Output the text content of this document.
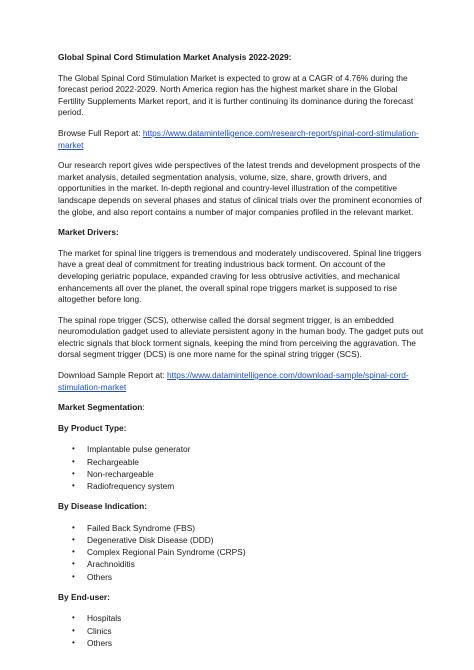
Global Spinal Cord Stimulation Market Analysis 2022-2029:

The Global Spinal Cord Stimulation Market is expected to grow at a CAGR of 4.76% during the forecast period 2022-2029. North America region has the highest market share in the Global Fertility Supplements Market report, and it is further continuing its dominance during the forecast period.

Browse Full Report at: https://www.datamintelligence.com/research-report/spinal-cord-stimulation-market

Our research report gives wide perspectives of the latest trends and development prospects of the market analysis, detailed segmentation analysis, volume, size, share, growth drivers, and opportunities in the market. In-depth regional and country-level illustration of the competitive landscape depends on several phases and status of clinical trials over the prominent economies of the globe, and also report contains a number of major companies profiled in the relevant market.

Market Drivers:

The market for spinal line triggers is tremendous and moderately undiscovered. Spinal line triggers have a great deal of commitment for treating industrious back torment. On account of the developing geriatric populace, expanded craving for less obtrusive activities, and mechanical enhancements all over the planet, the overall spinal rope triggers market is supposed to rise altogether before long.

The spinal rope trigger (SCS), otherwise called the dorsal segment trigger, is an embedded neuromodulation gadget used to alleviate persistent agony in the human body. The gadget puts out electric signals that block torment signals, keeping the mind from perceiving the aggravation. The dorsal segment trigger (DCS) is one more name for the spinal string trigger (SCS).

Download Sample Report at: https://www.datamintelligence.com/download-sample/spinal-cord-stimulation-market

Market Segmentation:

By Product Type:

• Implantable pulse generator
• Rechargeable
• Non-rechargeable
• Radiofrequency system

By Disease Indication:

• Failed Back Syndrome (FBS)
• Degenerative Disk Disease (DDD)
• Complex Regional Pain Syndrome (CRPS)
• Arachnoiditis
• Others

By End-user:

• Hospitals
• Clinics
• Others
